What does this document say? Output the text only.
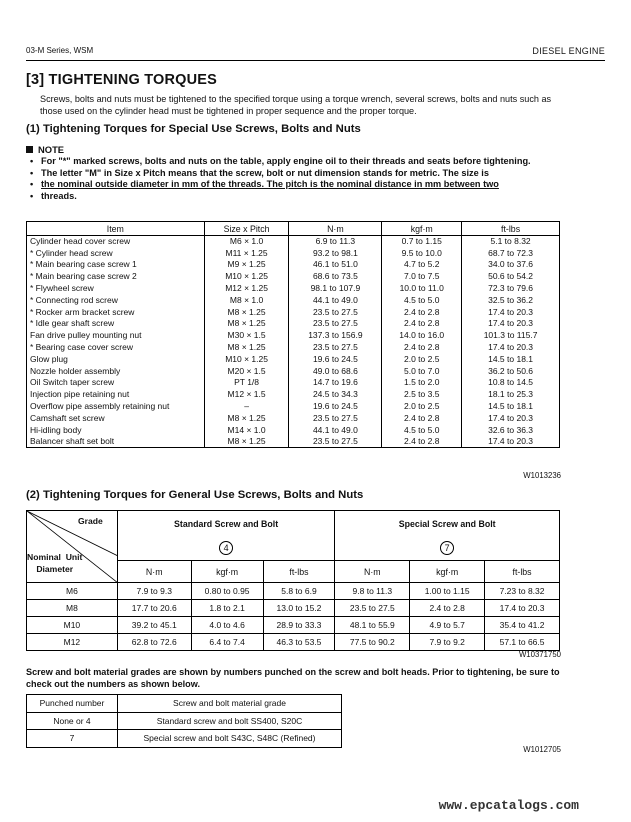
03-M Series, WSM	DIESEL ENGINE
[3] TIGHTENING TORQUES
Screws, bolts and nuts must be tightened to the specified torque using a torque wrench, several screws, bolts and nuts such as those used on the cylinder head must be tightened in proper sequence and the proper torque.
(1) Tightening Torques for Special Use Screws, Bolts and Nuts
NOTE
• For "*" marked screws, bolts and nuts on the table, apply engine oil to their threads and seats before tightening.
• The letter "M" in Size x Pitch means that the screw, bolt or nut dimension stands for metric. The size is
• the nominal outside diameter in mm of the threads. The pitch is the nominal distance in mm between two
• threads.
Item	Size x Pitch	N·m	kgf·m	ft-lbs
Cylinder head cover screw	M6 × 1.0	6.9 to 11.3	0.7 to 1.15	5.1 to 8.32
* Cylinder head screw	M11 × 1.25	93.2 to 98.1	9.5 to 10.0	68.7 to 72.3
* Main bearing case screw 1	M9 × 1.25	46.1 to 51.0	4.7 to 5.2	34.0 to 37.6
* Main bearing case screw 2	M10 × 1.25	68.6 to 73.5	7.0 to 7.5	50.6 to 54.2
* Flywheel screw	M12 × 1.25	98.1 to 107.9	10.0 to 11.0	72.3 to 79.6
* Connecting rod screw	M8 × 1.0	44.1 to 49.0	4.5 to 5.0	32.5 to 36.2
* Rocker arm bracket screw	M8 × 1.25	23.5 to 27.5	2.4 to 2.8	17.4 to 20.3
* Idle gear shaft screw	M8 × 1.25	23.5 to 27.5	2.4 to 2.8	17.4 to 20.3
Fan drive pulley mounting nut	M30 × 1.5	137.3 to 156.9	14.0 to 16.0	101.3 to 115.7
* Bearing case cover screw	M8 × 1.25	23.5 to 27.5	2.4 to 2.8	17.4 to 20.3
Glow plug	M10 × 1.25	19.6 to 24.5	2.0 to 2.5	14.5 to 18.1
Nozzle holder assembly	M20 × 1.5	49.0 to 68.6	5.0 to 7.0	36.2 to 50.6
Oil Switch taper screw	PT 1/8	14.7 to 19.6	1.5 to 2.0	10.8 to 14.5
Injection pipe retaining nut	M12 × 1.5	24.5 to 34.3	2.5 to 3.5	18.1 to 25.3
Overflow pipe assembly retaining nut	–	19.6 to 24.5	2.0 to 2.5	14.5 to 18.1
Camshaft set screw	M8 × 1.25	23.5 to 27.5	2.4 to 2.8	17.4 to 20.3
Hi-idling body	M14 × 1.0	44.1 to 49.0	4.5 to 5.0	32.6 to 36.3
Balancer shaft set bolt	M8 × 1.25	23.5 to 27.5	2.4 to 2.8	17.4 to 20.3
W1013236
(2) Tightening Torques for General Use Screws, Bolts and Nuts
Grade
Nominal Unit
Diameter	Standard Screw and Bolt			Special Screw and Bolt		
	4			7		
	N·m	kgf·m	ft-lbs	N·m	kgf·m	ft-lbs
M6	7.9 to 9.3	0.80 to 0.95	5.8 to 6.9	9.8 to 11.3	1.00 to 1.15	7.23 to 8.32
M8	17.7 to 20.6	1.8 to 2.1	13.0 to 15.2	23.5 to 27.5	2.4 to 2.8	17.4 to 20.3
M10	39.2 to 45.1	4.0 to 4.6	28.9 to 33.3	48.1 to 55.9	4.9 to 5.7	35.4 to 41.2
M12	62.8 to 72.6	6.4 to 7.4	46.3 to 53.5	77.5 to 90.2	7.9 to 9.2	57.1 to 66.5
W10371750
Screw and bolt material grades are shown by numbers punched on the screw and bolt heads. Prior to tightening, be sure to check out the numbers as shown below.
Punched number	Screw and bolt material grade
None or 4	Standard screw and bolt SS400, S20C
7	Special screw and bolt S43C, S48C (Refined)
W1012705
www.epcatalogs.com
